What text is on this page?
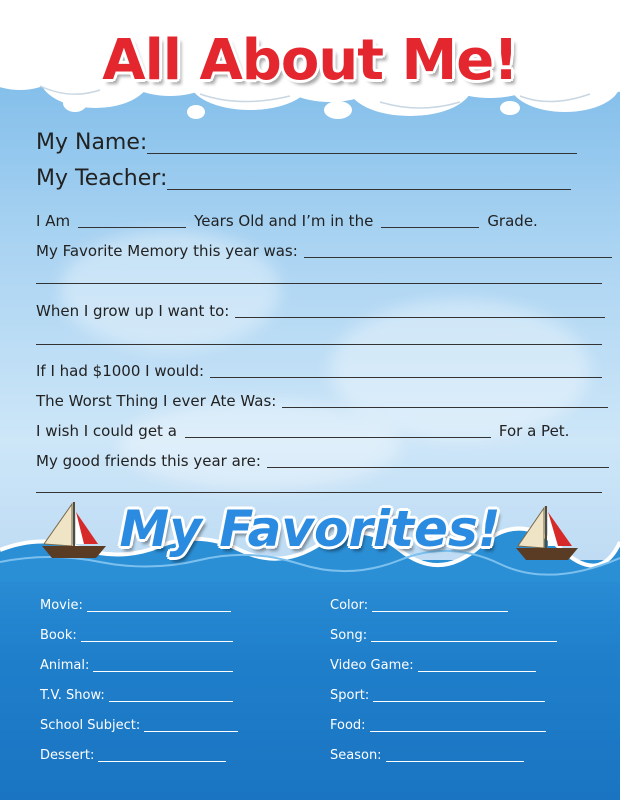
All About Me!
My Name:
My Teacher:
I Am	Years Old and I’m in the	Grade.
My Favorite Memory this year was:
When I grow up I want to:
If I had $1000 I would:
The Worst Thing I ever Ate Was:
I wish I could get a	For a Pet.
My good friends this year are:
My Favorites!
Movie:
Book:
Animal:
T.V. Show:
School Subject:
Dessert:
Color:
Song:
Video Game:
Sport:
Food:
Season:
